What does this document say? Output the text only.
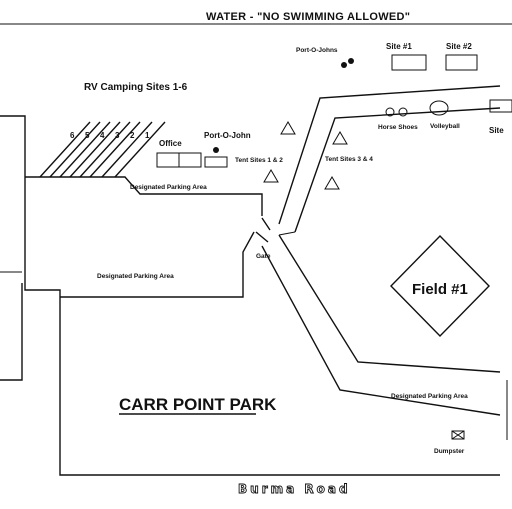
WATER - "NO SWIMMING ALLOWED"
RV Camping Sites 1-6
6 5 4 3 2 1
Gate
Office
Port-O-John
Tent Sites 1 & 2	Tent Sites 3 & 4
Port-O-Johns	Site #1	Site #2
Site
Horse Shoes Volleyball
Field #1
Designated Parking Area
Designated Parking Area
Designated Parking Area
Dumpster
CARR POINT PARK
Burma Road
